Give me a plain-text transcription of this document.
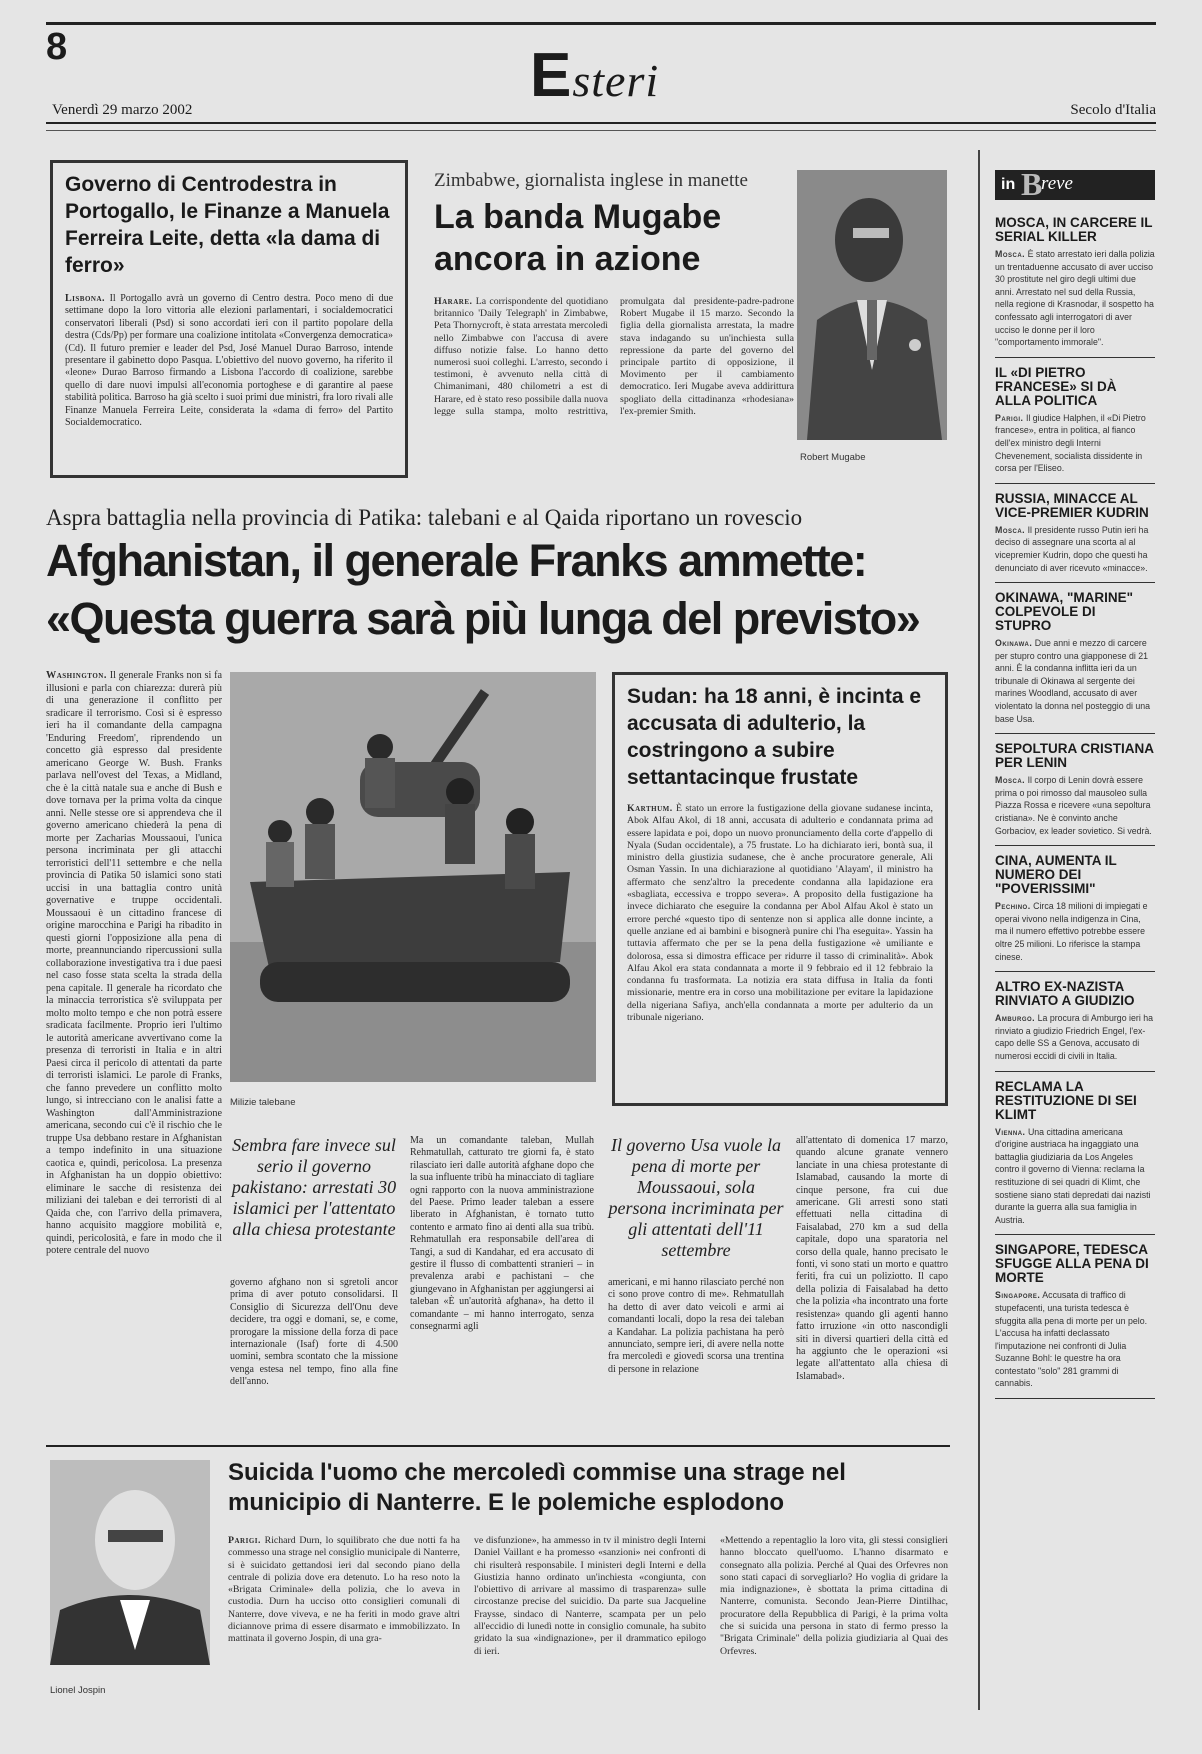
8	Esteri
Venerdì 29 marzo 2002	Secolo d'Italia
Governo di Centrodestra in Portogallo, le Finanze a Manuela Ferreira Leite, detta «la dama di ferro»
Lisbona. Il Portogallo avrà un governo di Centro destra. Poco meno di due settimane dopo la loro vittoria alle elezioni parlamentari, i socialdemocratici conservatori liberali (Psd) si sono accordati ieri con il partito popolare della destra (Cds/Pp) per formare una coalizione intitolata «Convergenza democratica» (Cd). Il futuro premier e leader del Psd, José Manuel Durao Barroso, intende presentare il gabinetto dopo Pasqua. L'obiettivo del nuovo governo, ha riferito il «leone» Durao Barroso firmando a Lisbona l'accordo di coalizione, sarebbe quello di dare nuovi impulsi all'economia portoghese e di garantire al paese stabilità politica. Barroso ha già scelto i suoi primi due ministri, fra loro rivali alle Finanze Manuela Ferreira Leite, considerata la «dama di ferro» del Partito Socialdemocratico.
Zimbabwe, giornalista inglese in manette
La banda Mugabe ancora in azione
Harare. La corrispondente del quotidiano britannico 'Daily Telegraph' in Zimbabwe, Peta Thornycroft, è stata arrestata mercoledì nello Zimbabwe con l'accusa di avere diffuso notizie false. Lo hanno detto numerosi suoi colleghi. L'arresto, secondo i testimoni, è avvenuto nella città di Chimanimani, 480 chilometri a est di Harare, ed è stato reso possibile dalla nuova legge sulla stampa, molto restrittiva, promulgata dal presidente-padre-padrone Robert Mugabe il 15 marzo. Secondo la figlia della giornalista arrestata, la madre stava indagando su un'inchiesta sulla repressione da parte del governo del principale partito di opposizione, il Movimento per il cambiamento democratico. Ieri Mugabe aveva addirittura spogliato della cittadinanza «rhodesiana» l'ex-premier Smith.
Robert Mugabe
Aspra battaglia nella provincia di Patika: talebani e al Qaida riportano un rovescio
Afghanistan, il generale Franks ammette:
«Questa guerra sarà più lunga del previsto»
Washington. Il generale Franks non si fa illusioni e parla con chiarezza: durerà più di una generazione il conflitto per sradicare il terrorismo. Così si è espresso ieri ha il comandante della campagna 'Enduring Freedom', riprendendo un concetto già espresso dal presidente americano George W. Bush. Franks parlava nell'ovest del Texas, a Midland, che è la città natale sua e anche di Bush e dove tornava per la prima volta da cinque anni. Nelle stesse ore si apprendeva che il governo americano chiederà la pena di morte per Zacharias Moussaoui, l'unica persona incriminata per gli attacchi terroristici dell'11 settembre e che nella provincia di Patika 50 islamici sono stati uccisi in una battaglia contro unità governative e truppe occidentali. Moussaoui è un cittadino francese di origine marocchina e Parigi ha ribadito in questi giorni l'opposizione alla pena di morte, preannunciando ripercussioni sulla collaborazione investigativa tra i due paesi nel caso fosse stata scelta la strada della pena capitale. Il generale ha ricordato che la minaccia terroristica s'è sviluppata per molto molto tempo e che non potrà essere sradicata facilmente. Proprio ieri l'ultimo le autorità americane avvertivano come la presenza di terroristi in Italia e in altri Paesi circa il pericolo di attentati da parte di terroristi islamici. Le parole di Franks, che fanno prevedere un conflitto molto lungo, si intrecciano con le analisi fatte a Washington dall'Amministrazione americana, secondo cui c'è il rischio che le truppe Usa debbano restare in Afghanistan a tempo indefinito in una situazione caotica e, quindi, pericolosa. La presenza in Afghanistan ha un doppio obiettivo: eliminare le sacche di resistenza dei miliziani dei taleban e dei terroristi di al Qaida che, con l'arrivo della primavera, hanno acquisito maggiore mobilità e, quindi, pericolosità, e fare in modo che il potere centrale del nuovo
Milizie talebane
Sudan: ha 18 anni, è incinta e accusata di adulterio, la costringono a subire settantacinque frustate
Karthum. È stato un errore la fustigazione della giovane sudanese incinta, Abok Alfau Akol, di 18 anni, accusata di adulterio e condannata prima ad essere lapidata e poi, dopo un nuovo pronunciamento della corte d'appello di Nyala (Sudan occidentale), a 75 frustate. Lo ha dichiarato ieri, bontà sua, il ministro della giustizia sudanese, che è anche procuratore generale, Ali Osman Yassin. In una dichiarazione al quotidiano 'Alayam', il ministro ha affermato che senz'altro la precedente condanna alla lapidazione era «sbagliata, eccessiva e troppo severa». A proposito della fustigazione ha invece dichiarato che eseguire la condanna per Abol Alfau Akol è stato un errore perché «questo tipo di sentenze non si applica alle donne incinte, a quelle anziane ed ai bambini e bisognerà punire chi l'ha eseguita». Yassin ha tuttavia affermato che per se la pena della fustigazione «è umiliante e dolorosa, essa si dimostra efficace per ridurre il tasso di criminalità». Abok Alfau Akol era stata condannata a morte il 9 febbraio ed il 12 febbraio la condanna fu trasformata. La notizia era stata diffusa in Italia da fonti missionarie, mentre era in corso una mobilitazione per evitare la lapidazione della nigeriana Safiya, anch'ella condannata a morte per adulterio da un tribunale nigeriano.
Sembra fare invece sul serio il governo pakistano: arrestati 30 islamici per l'attentato alla chiesa protestante
governo afghano non si sgretoli ancor prima di aver potuto consolidarsi. Il Consiglio di Sicurezza dell'Onu deve decidere, tra oggi e domani, se, e come, prorogare la missione della forza di pace internazionale (Isaf) forte di 4.500 uomini, sembra scontato che la missione venga estesa nel tempo, fino alla fine dell'anno.
Ma un comandante taleban, Mullah Rehmatullah, catturato tre giorni fa, è stato rilasciato ieri dalle autorità afghane dopo che la sua influente tribù ha minacciato di tagliare ogni rapporto con la nuova amministrazione del Paese. Primo leader taleban a essere liberato in Afghanistan, è tornato tutto contento e armato fino ai denti alla sua tribù. Rehmatullah era responsabile dell'area di Tangi, a sud di Kandahar, ed era accusato di gestire il flusso di combattenti stranieri – in prevalenza arabi e pachistani – che giungevano in Afghanistan per aggiungersi ai taleban «È un'autorità afghana», ha detto il comandante – mi hanno interrogato, senza consegnarmi agli
Il governo Usa vuole la pena di morte per Moussaoui, sola persona incriminata per gli attentati dell'11 settembre
americani, e mi hanno rilasciato perché non ci sono prove contro di me». Rehmatullah ha detto di aver dato veicoli e armi ai comandanti locali, dopo la resa dei taleban a Kandahar. La polizia pachistana ha però annunciato, sempre ieri, di avere nella notte fra mercoledì e giovedì scorsa una trentina di persone in relazione
all'attentato di domenica 17 marzo, quando alcune granate vennero lanciate in una chiesa protestante di Islamabad, causando la morte di cinque persone, fra cui due americane. Gli arresti sono stati effettuati nella cittadina di Faisalabad, 270 km a sud della capitale, dopo una sparatoria nel corso della quale, hanno precisato le fonti, vi sono stati un morto e quattro feriti, fra cui un poliziotto. Il capo della polizia di Faisalabad ha detto che la polizia «ha incontrato una forte resistenza» quando gli agenti hanno fatto irruzione «in otto nascondigli siti in diversi quartieri della città ed ha aggiunto che le operazioni «si legate all'attentato alla chiesa di Islamabad».
Lionel Jospin
Suicida l'uomo che mercoledì commise una strage nel municipio di Nanterre. E le polemiche esplodono
Parigi. Richard Durn, lo squilibrato che due notti fa ha commesso una strage nel consiglio municipale di Nanterre, si è suicidato gettandosi ieri dal secondo piano della centrale di polizia dove era detenuto. Lo ha reso noto la «Brigata Criminale» della polizia, che lo aveva in custodia. Durn ha ucciso otto consiglieri comunali di Nanterre, dove viveva, e ne ha feriti in modo grave altri diciannove prima di essere disarmato e immobilizzato. In mattinata il governo Jospin, di una gra-
ve disfunzione», ha ammesso in tv il ministro degli Interni Daniel Vaillant e ha promesso «sanzioni» nei confronti di chi risulterà responsabile. I ministeri degli Interni e della Giustizia hanno ordinato un'inchiesta «congiunta, con l'obiettivo di arrivare al massimo di trasparenza» sulle circostanze precise del suicidio. Da parte sua Jacqueline Fraysse, sindaco di Nanterre, scampata per un pelo all'eccidio di lunedì notte in consiglio comunale, ha subito gridato la sua «indignazione», per il drammatico epilogo di ieri.
«Mettendo a repentaglio la loro vita, gli stessi consiglieri hanno bloccato quell'uomo. L'hanno disarmato e consegnato alla polizia. Perché al Quai des Orfevres non sono stati capaci di sorvegliarlo? Ho voglia di gridare la mia indignazione», è sbottata la prima cittadina di Nanterre, comunista. Secondo Jean-Pierre Dintilhac, procuratore della Repubblica di Parigi, è la prima volta che si suicida una persona in stato di fermo presso la "Brigata Criminale" della polizia giudiziaria al Quai des Orfevres.
in B
reve
MOSCA, IN CARCERE IL SERIAL KILLER

Mosca. È stato arrestato ieri dalla polizia un trentaduenne accusato di aver ucciso 30 prostitute nel giro degli ultimi due anni. Arrestato nel sud della Russia, nella regione di Krasnodar, il sospetto ha confessato agli interrogatori di aver ucciso le donne per il loro "comportamento immorale".

IL «DI PIETRO FRANCESE» SI DÀ ALLA POLITICA

Parigi. Il giudice Halphen, il «Di Pietro francese», entra in politica, al fianco dell'ex ministro degli Interni Chevenement, socialista dissidente in corsa per l'Eliseo.

RUSSIA, MINACCE AL VICE-PREMIER KUDRIN

Mosca. Il presidente russo Putin ieri ha deciso di assegnare una scorta al al vicepremier Kudrin, dopo che questi ha denunciato di aver ricevuto «minacce».

OKINAWA, "MARINE" COLPEVOLE DI STUPRO

Okinawa. Due anni e mezzo di carcere per stupro contro una giapponese di 21 anni. È la condanna inflitta ieri da un tribunale di Okinawa al sergente dei marines Woodland, accusato di aver violentato la donna nel posteggio di una base Usa.

SEPOLTURA CRISTIANA PER LENIN

Mosca. Il corpo di Lenin dovrà essere prima o poi rimosso dal mausoleo sulla Piazza Rossa e ricevere «una sepoltura cristiana». Ne è convinto anche Gorbaciov, ex leader sovietico. Si vedrà.

CINA, AUMENTA IL NUMERO DEI "POVERISSIMI"

Pechino. Circa 18 milioni di impiegati e operai vivono nella indigenza in Cina, ma il numero effettivo potrebbe essere oltre 25 milioni. Lo riferisce la stampa cinese.

ALTRO EX-NAZISTA RINVIATO A GIUDIZIO

Amburgo. La procura di Amburgo ieri ha rinviato a giudizio Friedrich Engel, l'ex-capo delle SS a Genova, accusato di numerosi eccidi di civili in Italia.

RECLAMA LA RESTITUZIONE DI SEI KLIMT

Vienna. Una cittadina americana d'origine austriaca ha ingaggiato una battaglia giudiziaria da Los Angeles contro il governo di Vienna: reclama la restituzione di sei quadri di Klimt, che sostiene siano stati depredati dai nazisti durante la guerra alla sua famiglia in Austria.

SINGAPORE, TEDESCA SFUGGE ALLA PENA DI MORTE

Singapore. Accusata di traffico di stupefacenti, una turista tedesca è sfuggita alla pena di morte per un pelo. L'accusa ha infatti declassato l'imputazione nei confronti di Julia Suzanne Bohl: le questre ha ora contestato "solo" 281 grammi di cannabis.
